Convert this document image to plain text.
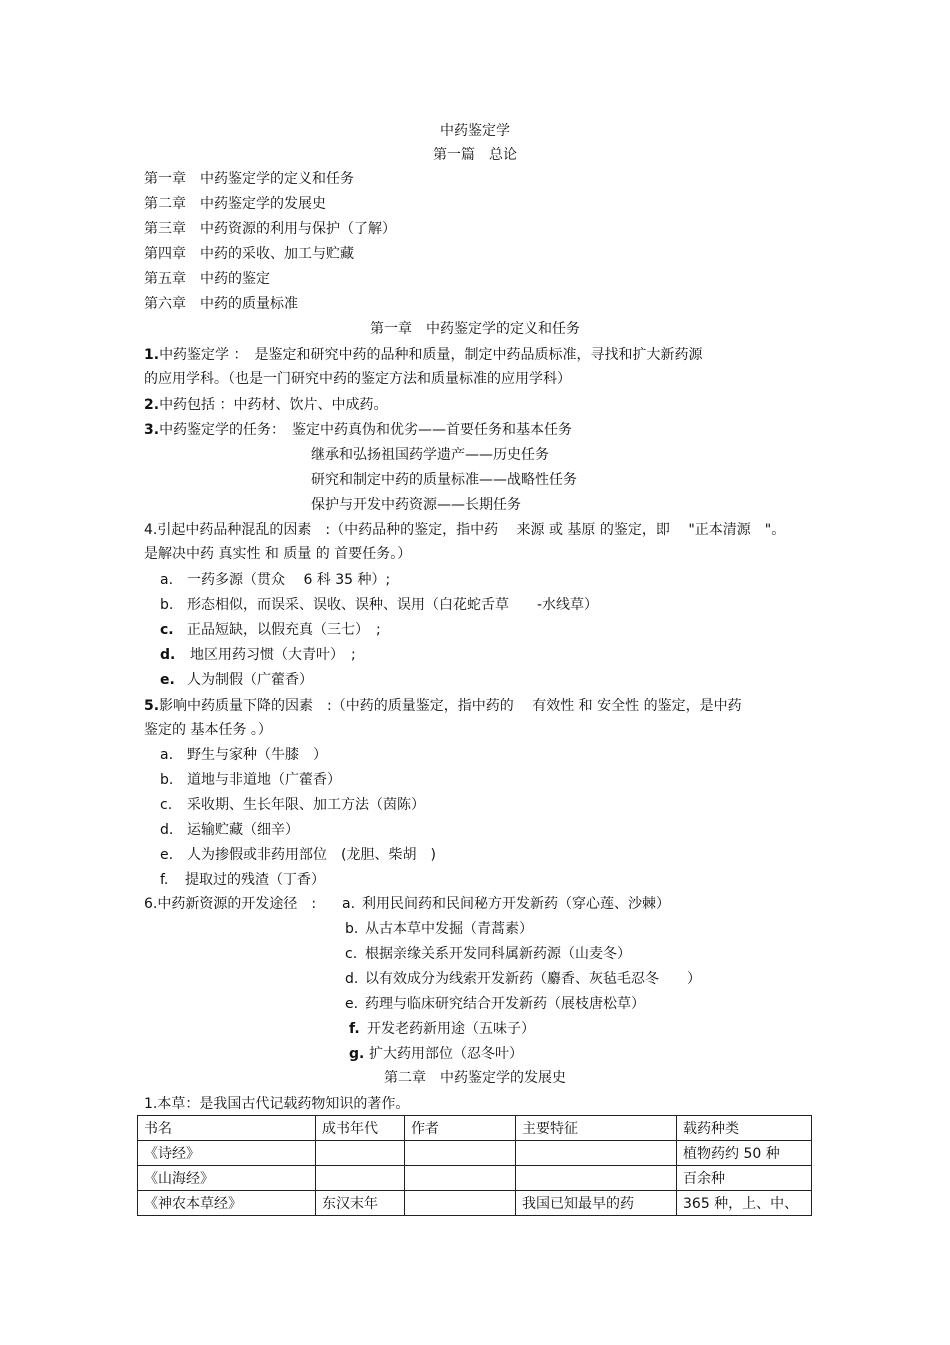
中药鉴定学
第一篇　总论
第一章　中药鉴定学的定义和任务
第二章　中药鉴定学的发展史
第三章　中药资源的利用与保护（了解）
第四章　中药的采收、加工与贮藏
第五章　中药的鉴定
第六章　中药的质量标准
第一章　中药鉴定学的定义和任务
1.中药鉴定学 ：　是鉴定和研究中药的品种和质量，制定中药品质标准，寻找和扩大新药源
的应用学科。（也是一门研究中药的鉴定方法和质量标准的应用学科）
2.中药包括 ：中药材、饮片、中成药。
3.中药鉴定学的任务：　鉴定中药真伪和优劣——首要任务和基本任务
继承和弘扬祖国药学遗产——历史任务
研究和制定中药的质量标准——战略性任务
保护与开发中药资源——长期任务
4.引起中药品种混乱的因素　:（中药品种的鉴定，指中药　 来源 或 基原 的鉴定，即　 "正本清源　"。
是解决中药 真实性 和 质量 的 首要任务。）
a. 一药多源（贯众　 6 科 35 种）;
b. 形态相似，而误采、误收、误种、误用（白花蛇舌草　　-水线草）
c. 正品短缺，以假充真（三七）　;
d. 地区用药习惯（大青叶）　;
e. 人为制假（广藿香）
5.影响中药质量下降的因素　:（中药的质量鉴定，指中药的　 有效性 和 安全性 的鉴定，是中药
鉴定的 基本任务 。）
a. 野生与家种（牛膝　）
b. 道地与非道地（广藿香）
c. 采收期、生长年限、加工方法（茵陈）
d. 运输贮藏（细辛）
e. 人为掺假或非药用部位　(龙胆、柴胡　)
f. 提取过的残渣（丁香）
6.中药新资源的开发途径　: a. 利用民间药和民间秘方开发新药（穿心莲、沙棘）
b. 从古本草中发掘（青蒿素）
c. 根据亲缘关系开发同科属新药源（山麦冬）
d. 以有效成分为线索开发新药（麝香、灰毡毛忍冬　　）
e. 药理与临床研究结合开发新药（展枝唐松草）
f. 开发老药新用途（五味子）
g. 扩大药用部位（忍冬叶）
第二章　中药鉴定学的发展史
1.本草：是我国古代记载药物知识的著作。
书名	成书年代	作者	主要特征	载药种类
《诗经》				植物药约 50 种
《山海经》				百余种
《神农本草经》	东汉末年		我国已知最早的药	365 种，上、中、
